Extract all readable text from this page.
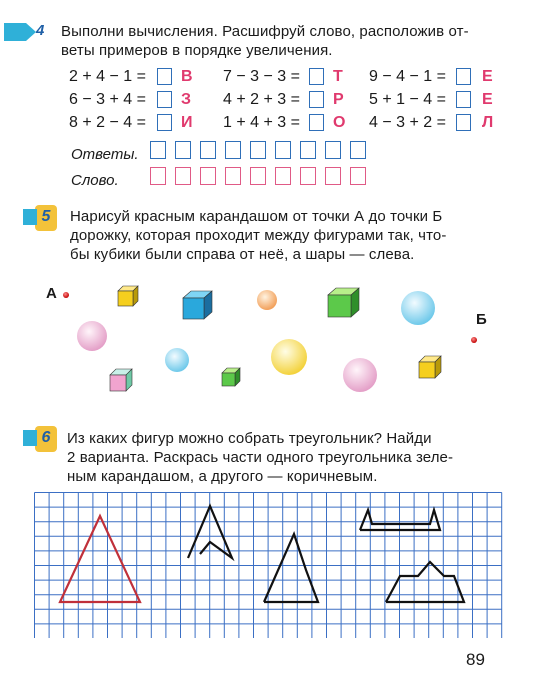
4 Выполни вычисления. Расшифруй слово, расположив от-
веты примеров в порядке увеличения.
2 + 4 − 1 = В
6 − 3 + 4 = З
8 + 2 − 4 = И
7 − 3 − 3 = Т
4 + 2 + 3 = Р
1 + 4 + 3 = О
9 − 4 − 1 = Е
5 + 1 − 4 = Е
4 − 3 + 2 = Л
Ответы.
Слово.
5	Нарисуй красным карандашом от точки А до точки Б
дорожку, которая проходит между фигурами так, что-
бы кубики были справа от неё, а шары — слева.
А
Б
6	Из каких фигур можно собрать треугольник? Найди
2 варианта. Раскрась части одного треугольника зеле-
ным карандашом, а другого — коричневым.
89
